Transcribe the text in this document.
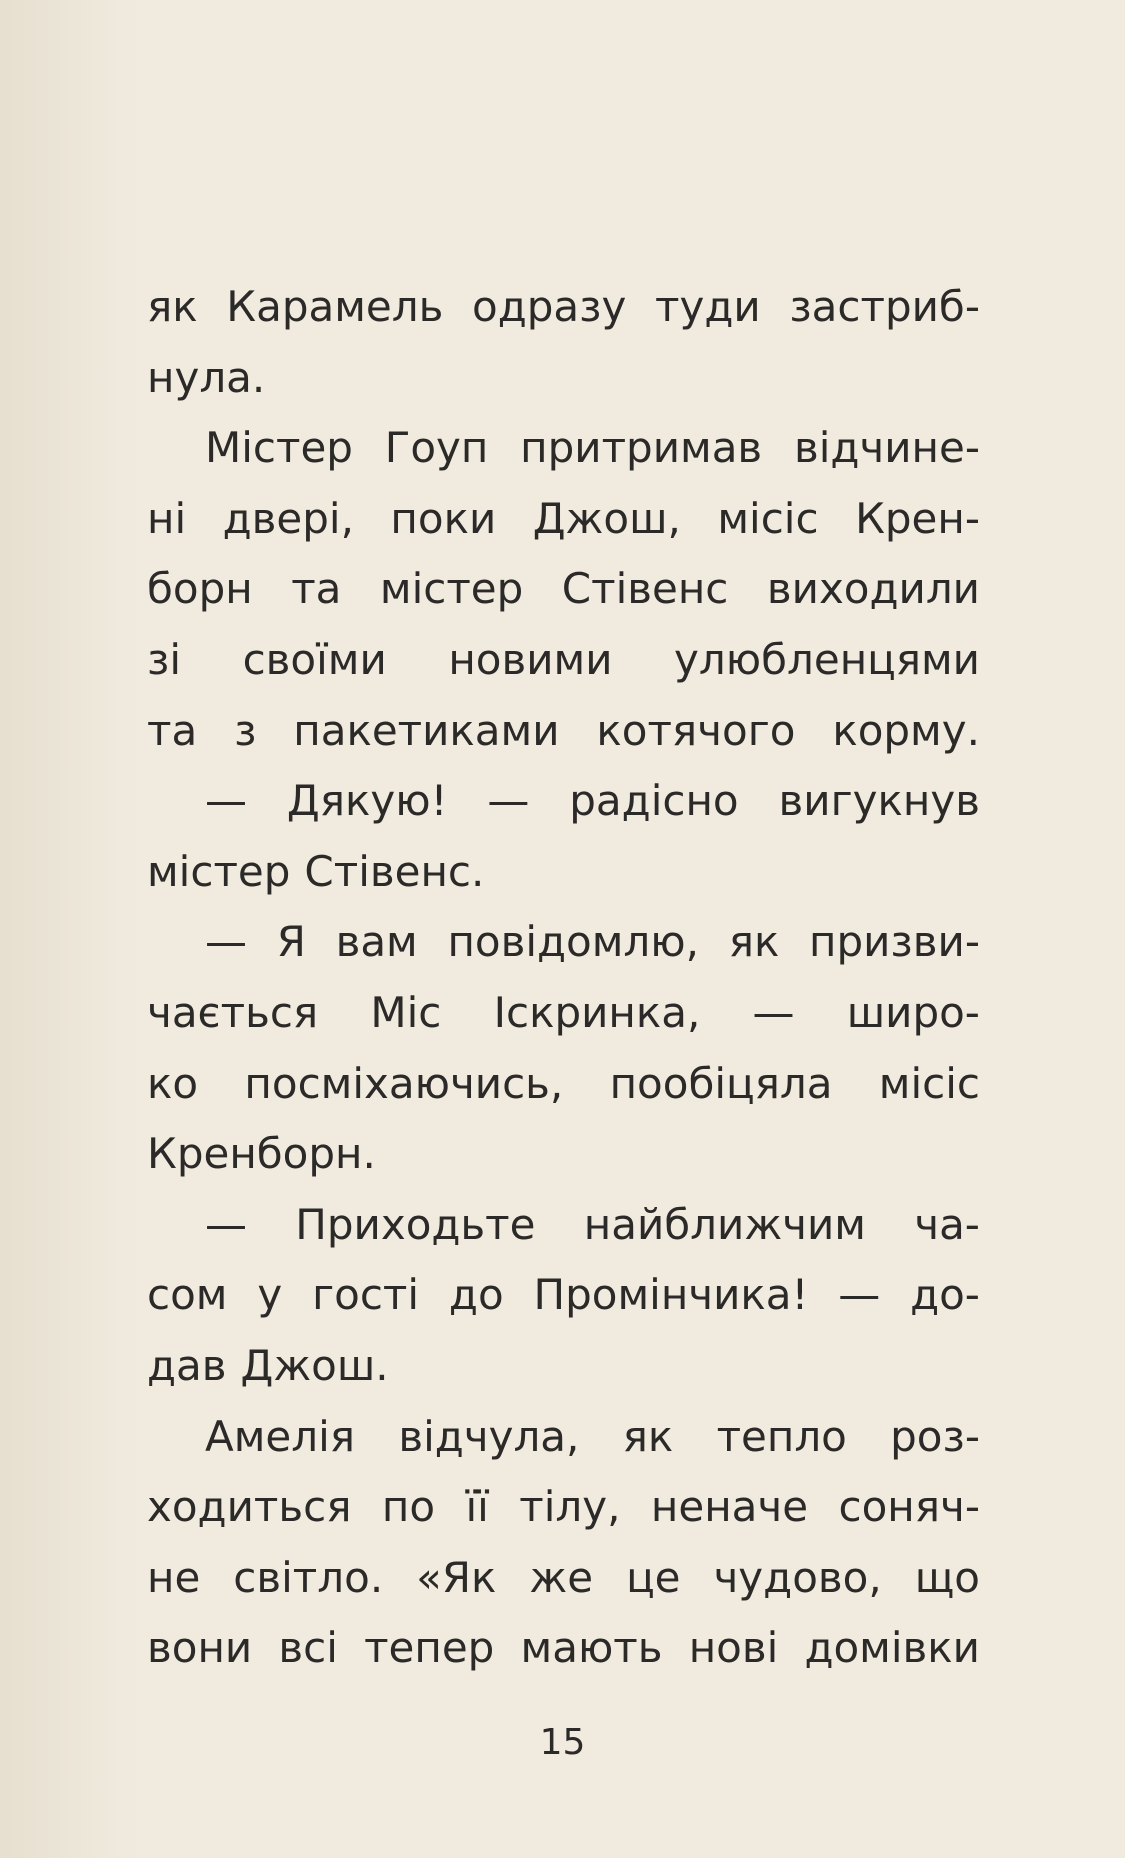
як Карамель одразу туди застриб-
нула.
Містер Гоуп притримав відчине-
ні двері, поки Джош, місіс Крен-
борн та містер Стівенс виходили
зі своїми новими улюбленцями
та з пакетиками котячого корму.
— Дякую! — радісно вигукнув
містер Стівенс.
— Я вам повідомлю, як призви-
чається Міс Іскринка, — широ-
ко посміхаючись, пообіцяла місіс
Кренборн.
— Приходьте найближчим ча-
сом у гості до Промінчика! — до-
дав Джош.
Амелія відчула, як тепло роз-
ходиться по її тілу, неначе соняч-
не світло. «Як же це чудово, що
вони всі тепер мають нові домівки
15
